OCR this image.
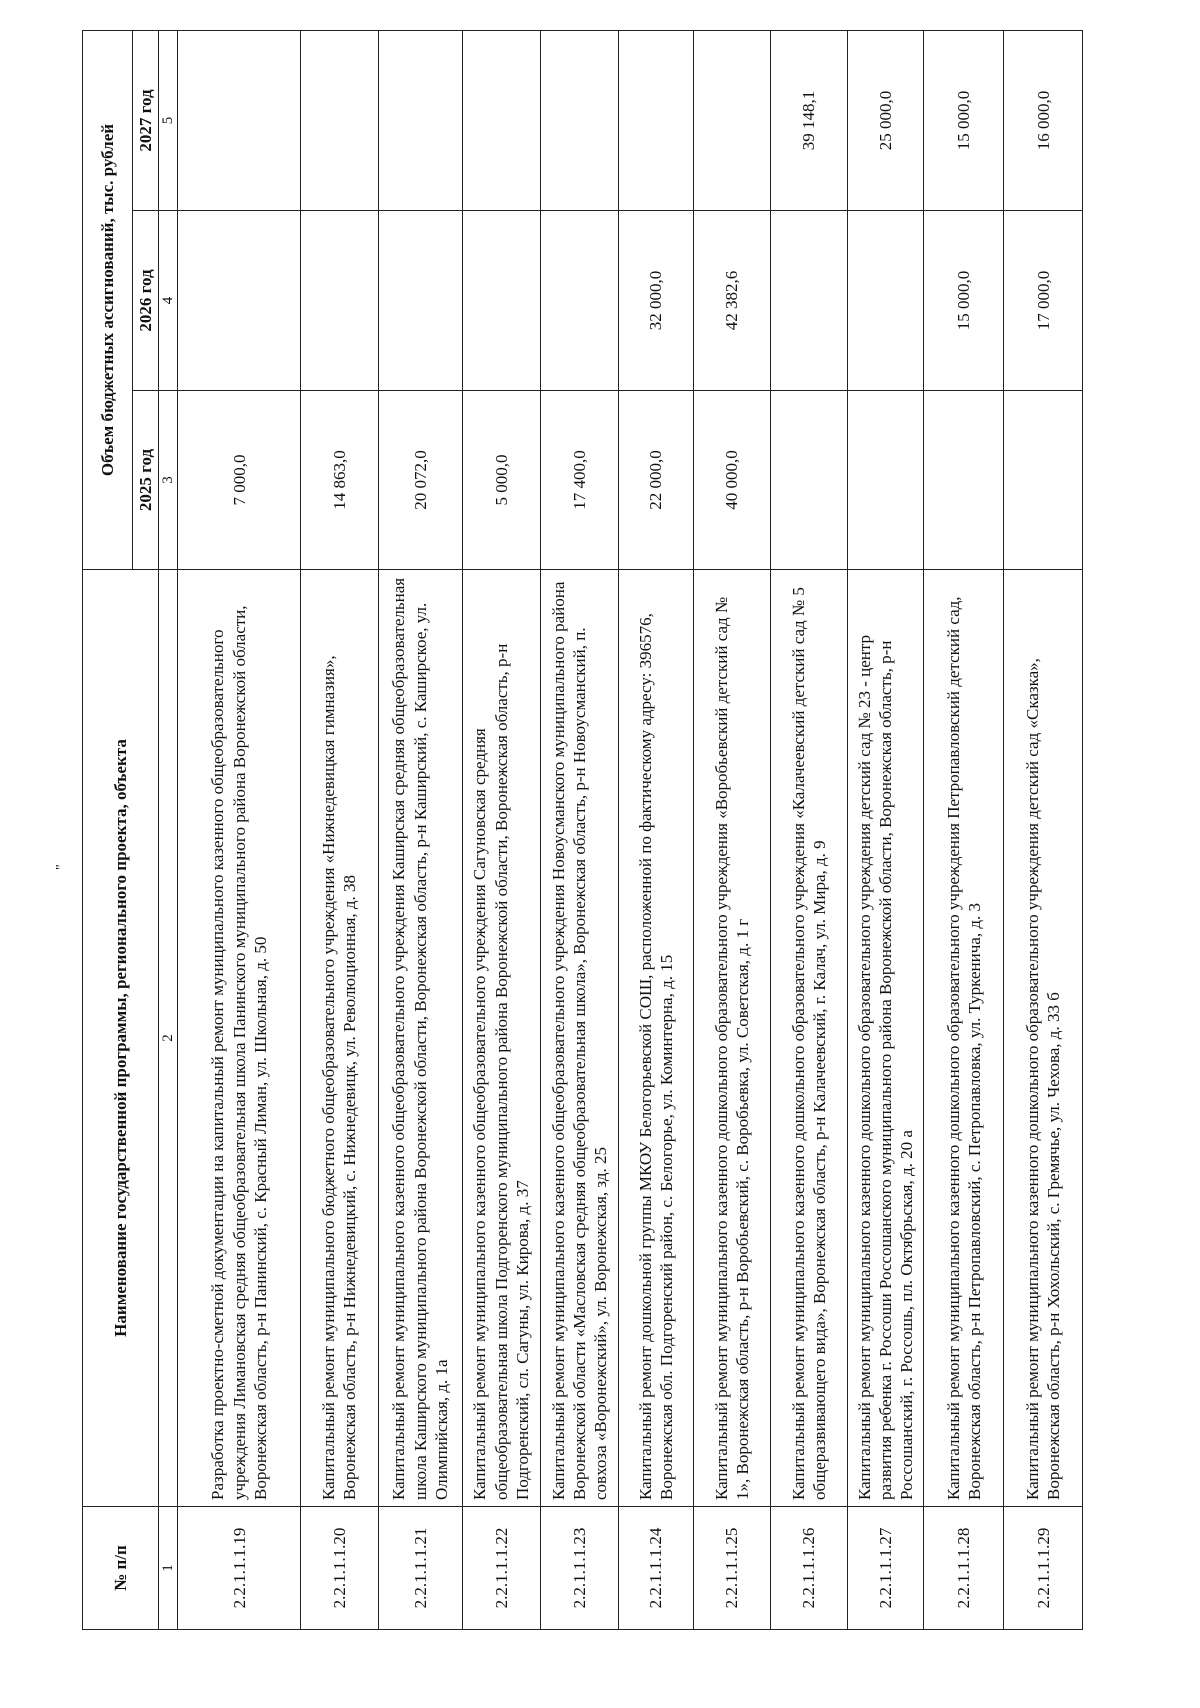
"
№ п/п	Наименование государственной программы, регионального проекта, объекта	Объем бюджетных ассигнований, тыс. рублей		
		2025 год	2026 год	2027 год
1	2	3	4	5
2.2.1.1.1.19	Разработка проектно-сметной документации на капитальный ремонт муниципального казенного общеобразовательного учреждения Лимановская средняя общеобразовательная школа Панинского муниципального района Воронежской области, Воронежская область, р-н Панинский, с. Красный Лиман, ул. Школьная, д. 50	7 000,0		
2.2.1.1.1.20	Капитальный ремонт муниципального бюджетного общеобразовательного учреждения «Нижнедевицкая гимназия», Воронежская область, р-н Нижнедевицкий, с. Нижнедевицк, ул. Революционная, д. 38	14 863,0		
2.2.1.1.1.21	Капитальный ремонт муниципального казенного общеобразовательного учреждения Каширская средняя общеобразовательная школа Каширского муниципального района Воронежской области, Воронежская область, р-н Каширский, с. Каширское, ул. Олимпийская, д. 1а	20 072,0		
2.2.1.1.1.22	Капитальный ремонт муниципального казенного общеобразовательного учреждения Сагуновская средняя общеобразовательная школа Подгоренского муниципального района Воронежской области, Воронежская область, р-н Подгоренский, сл. Сагуны, ул. Кирова, д. 37	5 000,0		
2.2.1.1.1.23	Капитальный ремонт муниципального казенного общеобразовательного учреждения Новоусманского муниципального района Воронежской области «Масловская средняя общеобразовательная школа», Воронежская область, р-н Новоусманский, п. совхоза «Воронежский», ул. Воронежская, зд. 25	17 400,0		
2.2.1.1.1.24	Капитальный ремонт дошкольной группы МКОУ Белогорьевской СОШ, расположенной по фактическому адресу: 396576, Воронежская обл. Подгоренский район, с. Белогорье, ул. Коминтерна, д. 15	22 000,0	32 000,0	
2.2.1.1.1.25	Капитальный ремонт муниципального казенного дошкольного образовательного учреждения «Воробьевский детский сад № 1», Воронежская область, р-н Воробьевский, с. Воробьевка, ул. Советская, д. 1 г	40 000,0	42 382,6	
2.2.1.1.1.26	Капитальный ремонт муниципального казенного дошкольного образовательного учреждения «Калачеевский детский сад № 5 общеразвивающего вида», Воронежская область, р-н Калачеевский, г. Калач, ул. Мира, д. 9			39 148,1
2.2.1.1.1.27	Капитальный ремонт муниципального казенного дошкольного образовательного учреждения детский сад № 23 - центр развития ребенка г. Россоши Россошанского муниципального района Воронежской области, Воронежская область, р-н Россошанский, г. Россошь, пл. Октябрьская, д. 20 а			25 000,0
2.2.1.1.1.28	Капитальный ремонт муниципального казенного дошкольного образовательного учреждения Петропавловский детский сад, Воронежская область, р-н Петропавловский, с. Петропавловка, ул. Туркенича, д. 3		15 000,0	15 000,0
2.2.1.1.1.29	Капитальный ремонт муниципального казенного дошкольного образовательного учреждения детский сад «Сказка», Воронежская область, р-н Хохольский, с. Гремячье, ул. Чехова, д. 33 б		17 000,0	16 000,0
